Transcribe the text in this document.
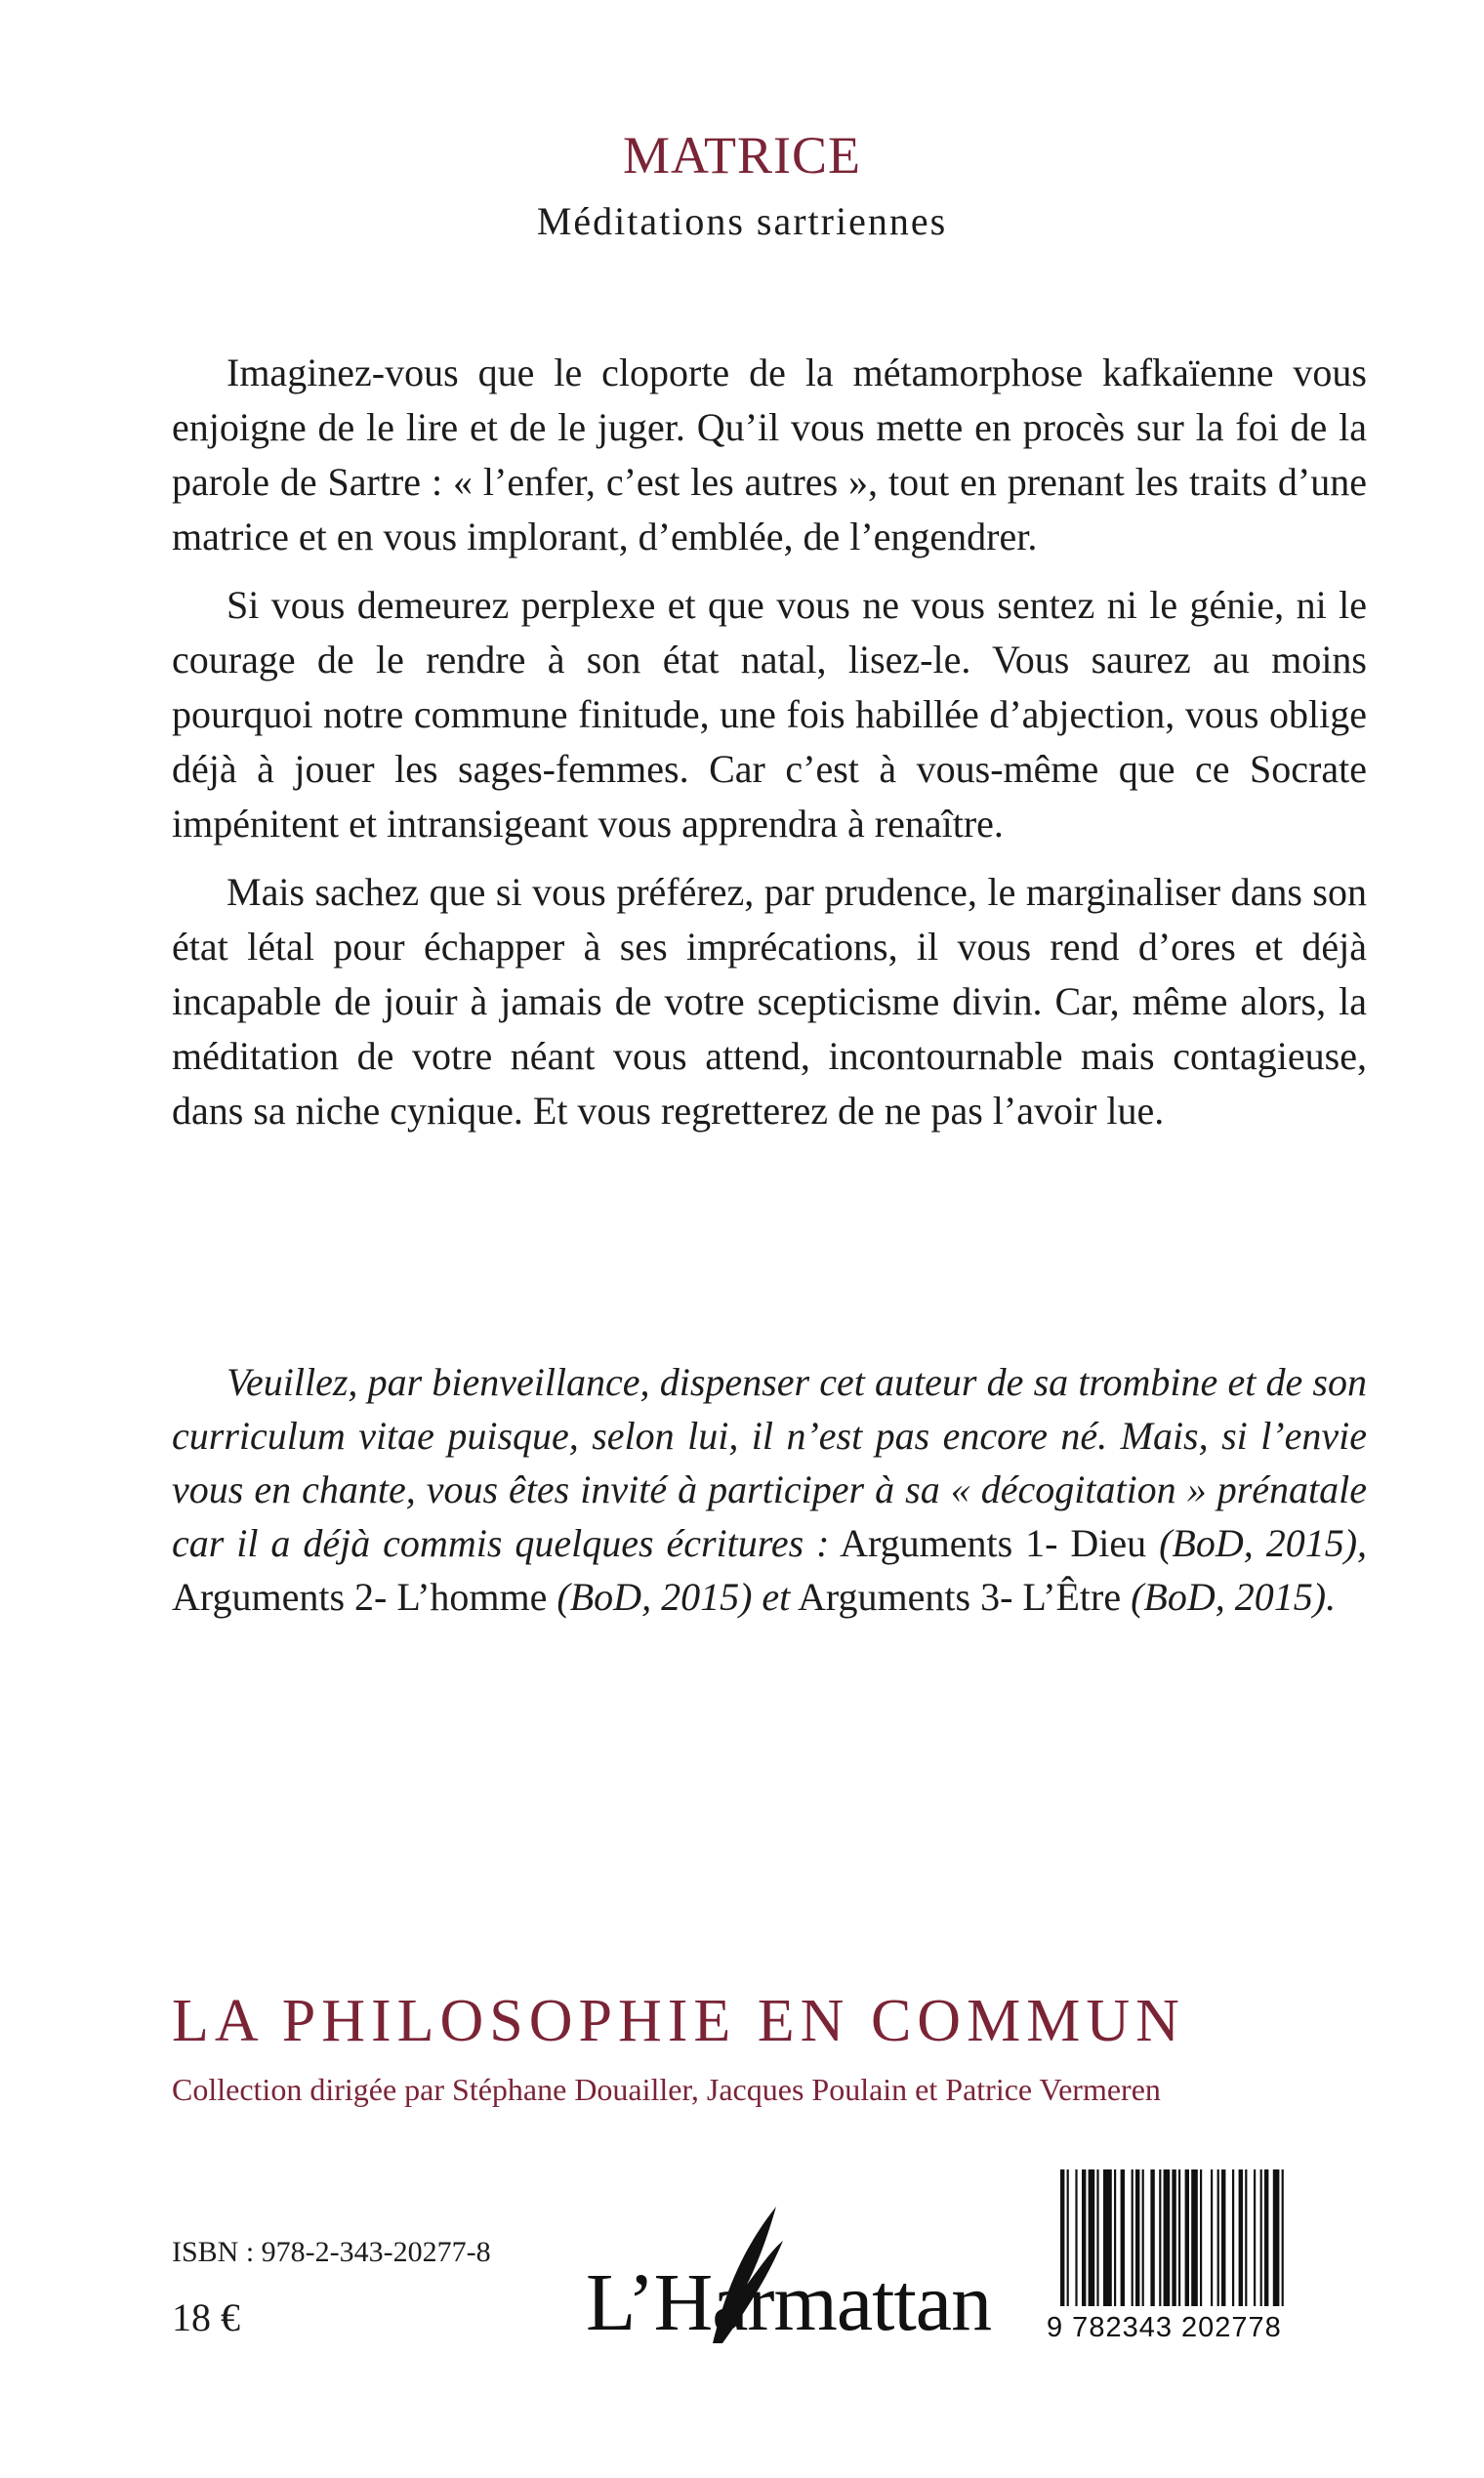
MATRICE
Méditations sartriennes

Imaginez-vous que le cloporte de la métamorphose kafkaïenne vous enjoigne de le lire et de le juger. Qu’il vous mette en procès sur la foi de la parole de Sartre : « l’enfer, c’est les autres », tout en prenant les traits d’une matrice et en vous implorant, d’emblée, de l’engendrer.

Si vous demeurez perplexe et que vous ne vous sentez ni le génie, ni le courage de le rendre à son état natal, lisez-le. Vous saurez au moins pourquoi notre commune finitude, une fois habillée d’abjection, vous oblige déjà à jouer les sages-femmes. Car c’est à vous-même que ce Socrate impénitent et intransigeant vous apprendra à renaître.

Mais sachez que si vous préférez, par prudence, le marginaliser dans son état létal pour échapper à ses imprécations, il vous rend d’ores et déjà incapable de jouir à jamais de votre scepticisme divin. Car, même alors, la méditation de votre néant vous attend, incontournable mais contagieuse, dans sa niche cynique. Et vous regretterez de ne pas l’avoir lue.

Veuillez, par bienveillance, dispenser cet auteur de sa trombine et de son curriculum vitae puisque, selon lui, il n’est pas encore né. Mais, si l’envie vous en chante, vous êtes invité à participer à sa « décogitation » prénatale car il a déjà commis quelques écritures : Arguments 1- Dieu (BoD, 2015), Arguments 2- L’homme (BoD, 2015) et Arguments 3- L’Être (BoD, 2015).

LA PHILOSOPHIE EN COMMUN
Collection dirigée par Stéphane Douailler, Jacques Poulain et Patrice Vermeren
ISBN : 978-2-343-20277-8
18 €	L’Harmattan 9 782343 202778
